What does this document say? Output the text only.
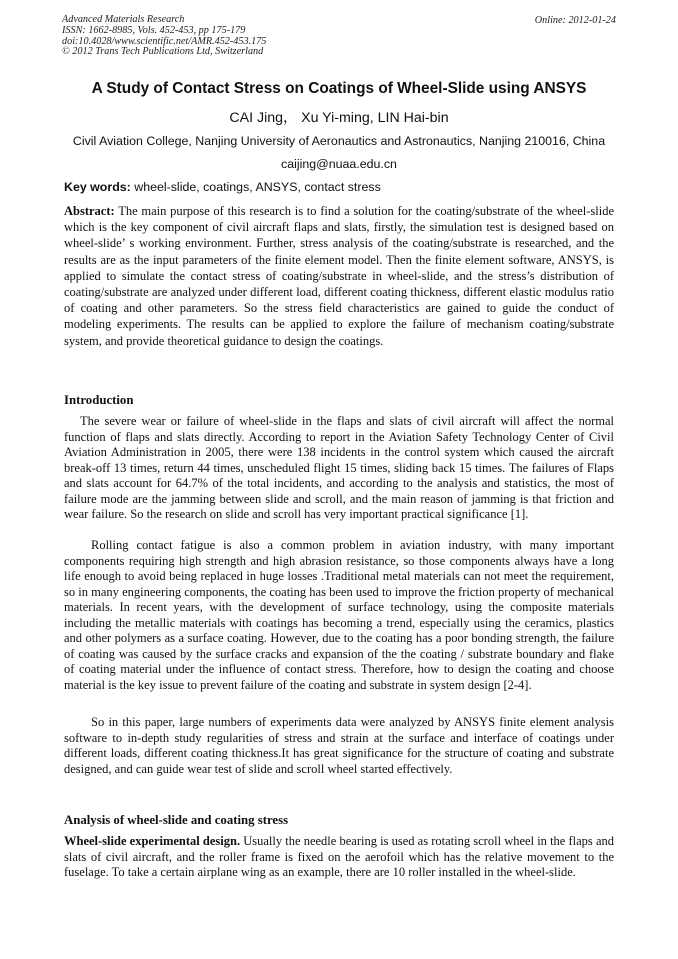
Advanced Materials Research
ISSN: 1662-8985, Vols. 452-453, pp 175-179
doi:10.4028/www.scientific.net/AMR.452-453.175
© 2012 Trans Tech Publications Ltd, Switzerland
Online: 2012-01-24
A Study of Contact Stress on Coatings of Wheel-Slide using ANSYS
CAI Jing， Xu Yi-ming, LIN Hai-bin
Civil Aviation College, Nanjing University of Aeronautics and Astronautics, Nanjing 210016, China
caijing@nuaa.edu.cn
Key words: wheel-slide, coatings, ANSYS, contact stress
Abstract: The main purpose of this research is to find a solution for the coating/substrate of the wheel-slide which is the key component of civil aircraft flaps and slats, firstly, the simulation test is designed based on wheel-slide’ s working environment. Further, stress analysis of the coating/substrate is researched, and the results are as the input parameters of the finite element model. Then the finite element software, ANSYS, is applied to simulate the contact stress of coating/substrate in wheel-slide, and the stress’s distribution of coating/substrate are analyzed under different load, different coating thickness, different elastic modulus ratio of coating and other parameters. So the stress field characteristics are gained to guide the conduct of modeling experiments. The results can be applied to explore the failure of mechanism coating/substrate system, and provide theoretical guidance to design the coatings.
Introduction
The severe wear or failure of wheel-slide in the flaps and slats of civil aircraft will affect the normal function of flaps and slats directly. According to report in the Aviation Safety Technology Center of Civil Aviation Administration in 2005, there were 138 incidents in the control system which caused the aircraft break-off 13 times, return 44 times, unscheduled flight 15 times, sliding back 15 times. The failures of Flaps and slats account for 64.7% of the total incidents, and according to the analysis and statistics, the most of failure mode are the jamming between slide and scroll, and the main reason of jamming is that friction and wear failure. So the research on slide and scroll has very important practical significance [1].
Rolling contact fatigue is also a common problem in aviation industry, with many important components requiring high strength and high abrasion resistance, so those components always have a long life enough to avoid being replaced in huge losses .Traditional metal materials can not meet the requirement, so in many engineering components, the coating has been used to improve the friction property of mechanical materials. In recent years, with the development of surface technology, using the composite materials including the metallic materials with coatings has becoming a trend, especially using the ceramics, plastics and other polymers as a surface coating. However, due to the coating has a poor bonding strength, the failure of coating was caused by the surface cracks and expansion of the the coating / substrate boundary and flake of coating material under the influence of contact stress. Therefore, how to design the coating and choose material is the key issue to prevent failure of the coating and substrate in system design [2-4].
So in this paper, large numbers of experiments data were analyzed by ANSYS finite element analysis software to in-depth study regularities of stress and strain at the surface and interface of coatings under different loads, different coating thickness.It has great significance for the structure of coating and substrate designed, and can guide wear test of slide and scroll wheel started effectively.
Analysis of wheel-slide and coating stress
Wheel-slide experimental design. Usually the needle bearing is used as rotating scroll wheel in the flaps and slats of civil aircraft, and the roller frame is fixed on the aerofoil which has the relative movement to the fuselage. To take a certain airplane wing as an example, there are 10 roller installed in the wheel-slide.
